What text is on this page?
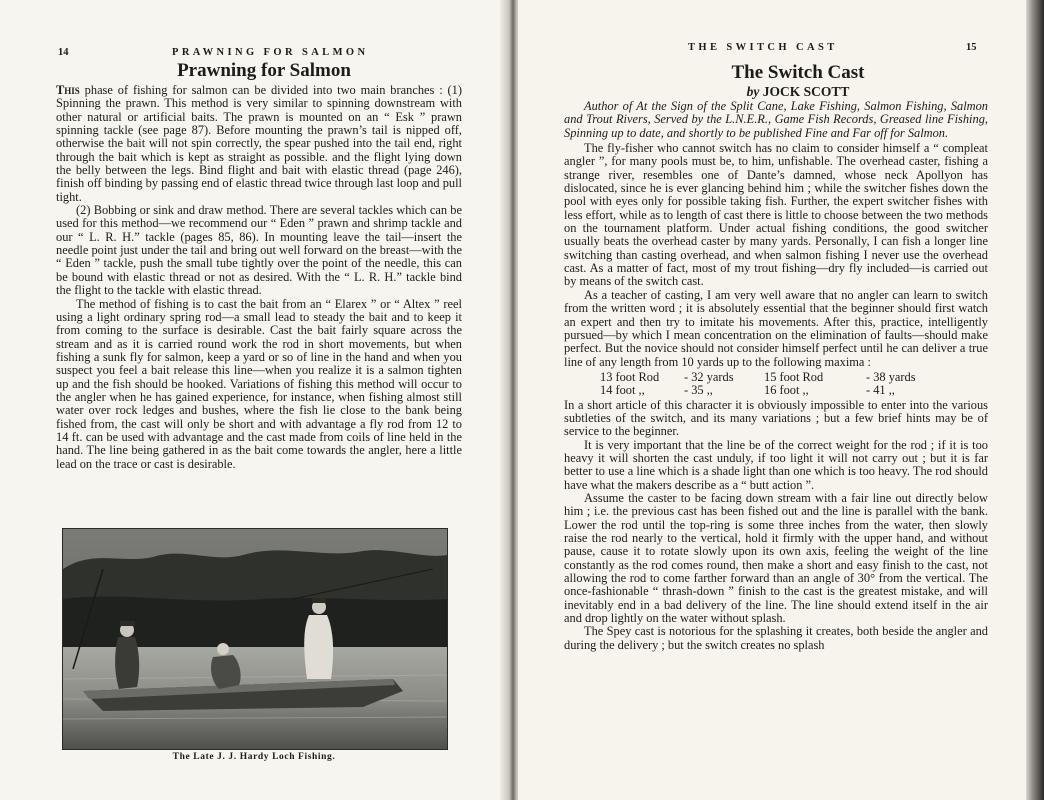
14	PRAWNING FOR SALMON
Prawning for Salmon

This phase of fishing for salmon can be divided into two main branches : (1) Spinning the prawn. This method is very similar to spinning downstream with other natural or artificial baits. The prawn is mounted on an “ Esk ” prawn spinning tackle (see page 87). Before mounting the prawn’s tail is nipped off, otherwise the bait will not spin correctly, the spear pushed into the tail end, right through the bait which is kept as straight as possible. and the flight lying down the belly between the legs. Bind flight and bait with elastic thread (page 246), finish off binding by passing end of elastic thread twice through last loop and pull tight.

(2) Bobbing or sink and draw method. There are several tackles which can be used for this method—we recommend our “ Eden ” prawn and shrimp tackle and our “ L. R. H.” tackle (pages 85, 86). In mounting leave the tail—insert the needle point just under the tail and bring out well forward on the breast—with the “ Eden ” tackle, push the small tube tightly over the point of the needle, this can be bound with elastic thread or not as desired. With the “ L. R. H.” tackle bind the flight to the tackle with elastic thread.

The method of fishing is to cast the bait from an “ Elarex ” or “ Altex ” reel using a light ordinary spring rod—a small lead to steady the bait and to keep it from coming to the surface is desirable. Cast the bait fairly square across the stream and as it is carried round work the rod in short movements, but when fishing a sunk fly for salmon, keep a yard or so of line in the hand and when you suspect you feel a bait release this line—when you realize it is a salmon tighten up and the fish should be hooked. Variations of fishing this method will occur to the angler when he has gained experience, for instance, when fishing almost still water over rock ledges and bushes, where the fish lie close to the bank being fished from, the cast will only be short and with advantage a fly rod from 12 to 14 ft. can be used with advantage and the cast made from coils of line held in the hand. The line being gathered in as the bait come towards the angler, here a little lead on the trace or cast is desirable.

The Late J. J. Hardy Loch Fishing.
THE SWITCH CAST	15
The Switch Cast
by JOCK SCOTT

Author of At the Sign of the Split Cane, Lake Fishing, Salmon Fishing, Salmon and Trout Rivers, Served by the L.N.E.R., Game Fish Records, Greased line Fishing, Spinning up to date, and shortly to be published Fine and Far off for Salmon.

The fly-fisher who cannot switch has no claim to consider himself a “ compleat angler ”, for many pools must be, to him, unfishable. The overhead caster, fishing a strange river, resembles one of Dante’s damned, whose neck Apollyon has dislocated, since he is ever glancing behind him ; while the switcher fishes down the pool with eyes only for possible taking fish. Further, the expert switcher fishes with less effort, while as to length of cast there is little to choose between the two methods on the tournament platform. Under actual fishing conditions, the good switcher usually beats the overhead caster by many yards. Personally, I can fish a longer line switching than casting overhead, and when salmon fishing I never use the overhead cast. As a matter of fact, most of my trout fishing—dry fly included—is carried out by means of the switch cast.

As a teacher of casting, I am very well aware that no angler can learn to switch from the written word ; it is absolutely essential that the beginner should first watch an expert and then try to imitate his movements. After this, practice, intelligently pursued—by which I mean concentration on the elimination of faults—should make perfect. But the novice should not consider himself perfect until he can deliver a true line of any length from 10 yards up to the following maxima :

13 foot Rod	- 32 yards	15 foot Rod	- 38 yards
14 foot ,,	- 35 ,,	16 foot ,,	- 41 ,,

In a short article of this character it is obviously impossible to enter into the various subtleties of the switch, and its many variations ; but a few brief hints may be of service to the beginner.

It is very important that the line be of the correct weight for the rod ; if it is too heavy it will shorten the cast unduly, if too light it will not carry out ; but it is far better to use a line which is a shade light than one which is too heavy. The rod should have what the makers describe as a “ butt action ”.

Assume the caster to be facing down stream with a fair line out directly below him ; i.e. the previous cast has been fished out and the line is parallel with the bank. Lower the rod until the top-ring is some three inches from the water, then slowly raise the rod nearly to the vertical, hold it firmly with the upper hand, and without pause, cause it to rotate slowly upon its own axis, feeling the weight of the line constantly as the rod comes round, then make a short and easy finish to the cast, not allowing the rod to come farther forward than an angle of 30° from the vertical. The once-fashionable “ thrash-down ” finish to the cast is the greatest mistake, and will inevitably end in a bad delivery of the line. The line should extend itself in the air and drop lightly on the water without splash.

The Spey cast is notorious for the splashing it creates, both beside the angler and during the delivery ; but the switch creates no splash
